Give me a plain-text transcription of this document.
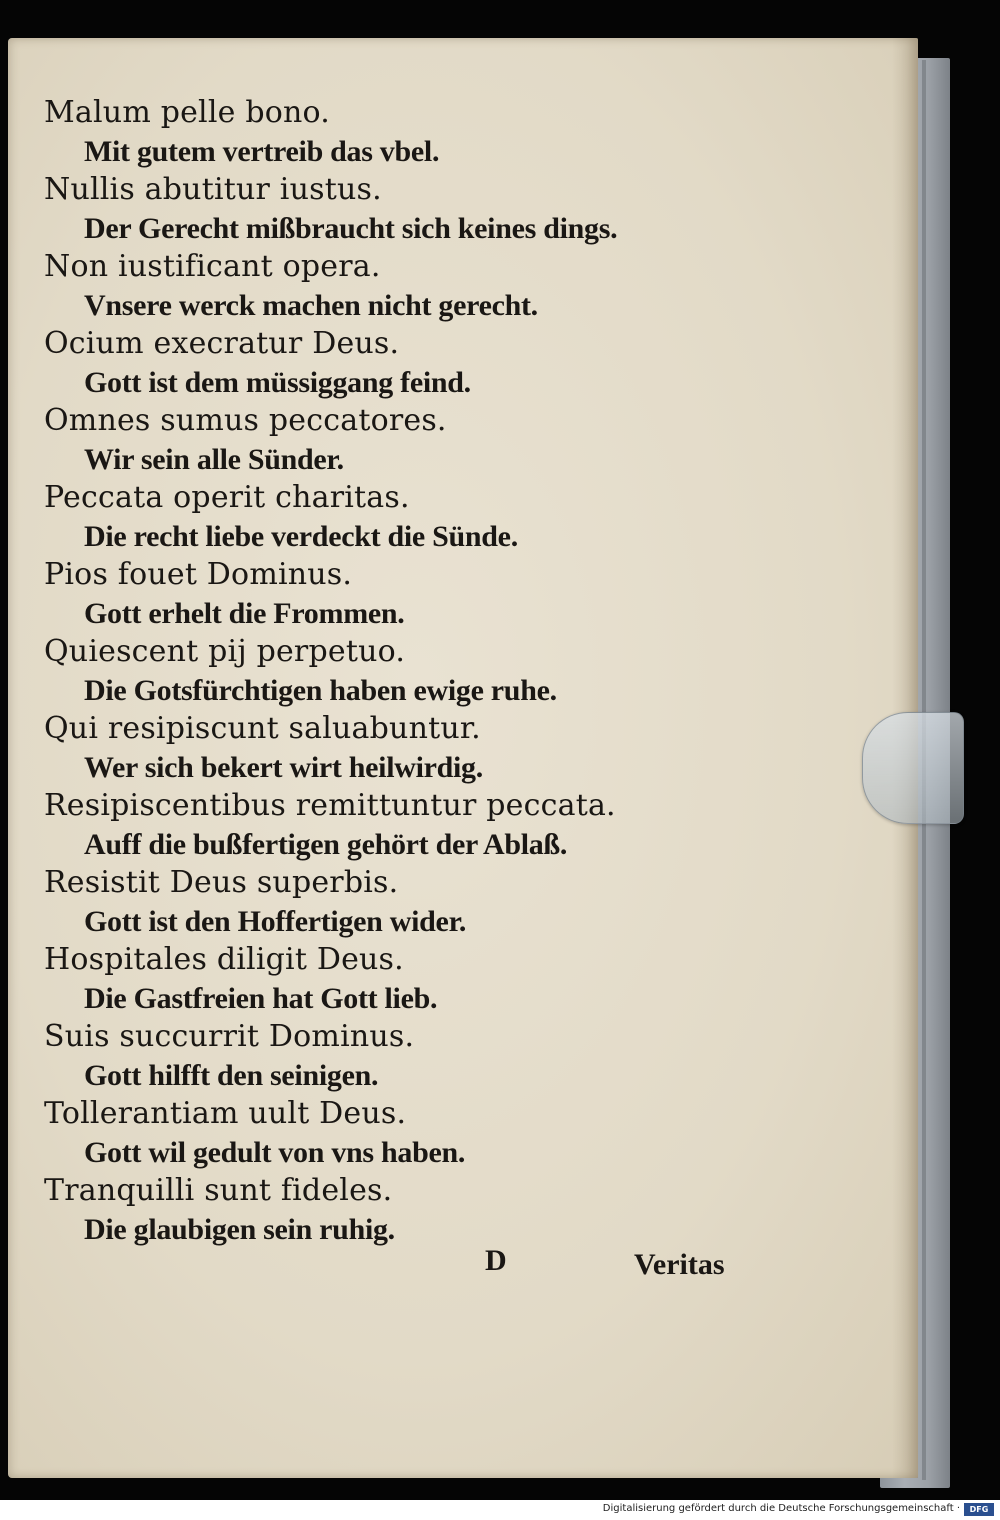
Malum pelle bono.
Mit gutem vertreib das vbel.
Nullis abutitur iustus.
Der Gerecht mißbraucht sich keines dings.
Non iustificant opera.
Vnsere werck machen nicht gerecht.
Ocium execratur Deus.
Gott ist dem müssiggang feind.
Omnes sumus peccatores.
Wir sein alle Sünder.
Peccata operit charitas.
Die recht liebe verdeckt die Sünde.
Pios fouet Dominus.
Gott erhelt die Frommen.
Quiescent pij perpetuo.
Die Gotsfürchtigen haben ewige ruhe.
Qui resipiscunt saluabuntur.
Wer sich bekert wirt heilwirdig.
Resipiscentibus remittuntur peccata.
Auff die bußfertigen gehört der Ablaß.
Resistit Deus superbis.
Gott ist den Hoffertigen wider.
Hospitales diligit Deus.
Die Gastfreien hat Gott lieb.
Suis succurrit Dominus.
Gott hilfft den seinigen.
Tollerantiam uult Deus.
Gott wil gedult von vns haben.
Tranquilli sunt fideles.
Die glaubigen sein ruhig.
D	Veritas
Digitalisierung gefördert durch die Deutsche Forschungsgemeinschaft ·	DFG
